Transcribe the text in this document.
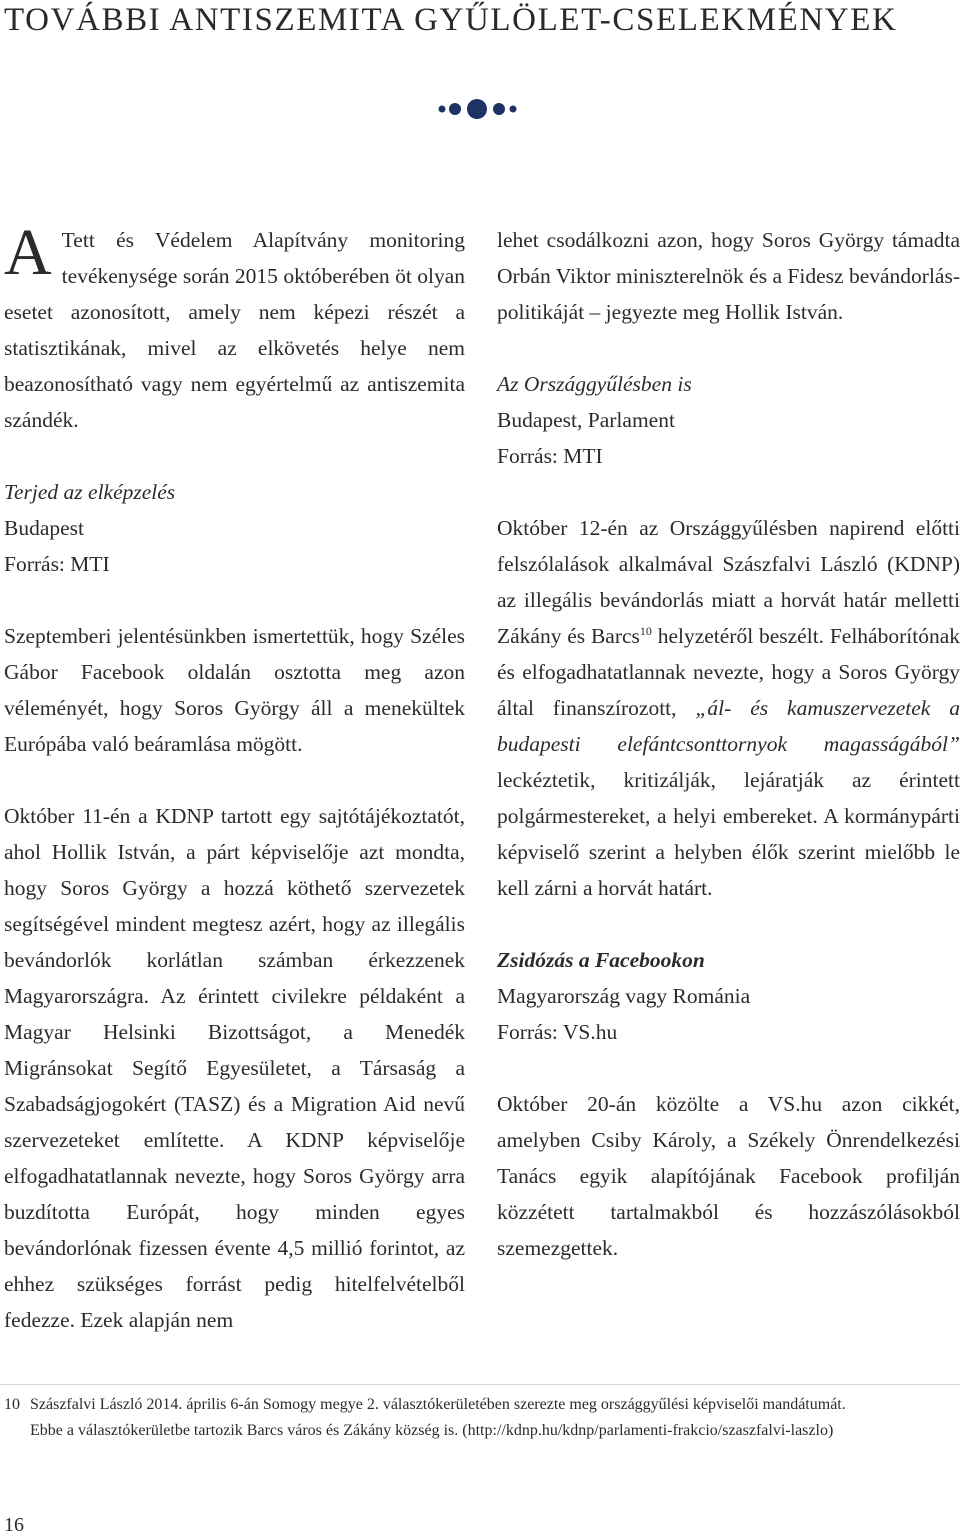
TOVÁBBI ANTISZEMITA GYŰLÖLET-CSELEKMÉNYEK

A Tett és Védelem Alapítvány monitoring tevékenysége során 2015 októberében öt olyan esetet azonosított, amely nem képezi részét a statisztikának, mivel az elkövetés helye nem beazonosítható vagy nem egyértelmű az antiszemita szándék.

Terjed az elképzelés
Budapest
Forrás: MTI

Szeptemberi jelentésünkben ismertettük, hogy Széles Gábor Facebook oldalán osztotta meg azon véleményét, hogy Soros György áll a menekültek Európába való beáramlása mögött.

Október 11-én a KDNP tartott egy sajtótájékoztatót, ahol Hollik István, a párt képviselője azt mondta, hogy Soros György a hozzá köthető szervezetek segítségével mindent megtesz azért, hogy az illegális bevándorlók korlátlan számban érkezzenek Magyarországra. Az érintett civilekre példaként a Magyar Helsinki Bizottságot, a Menedék Migránsokat Segítő Egyesületet, a Társaság a Szabadságjogokért (TASZ) és a Migration Aid nevű szervezeteket említette. A KDNP képviselője elfogadhatatlannak nevezte, hogy Soros György arra buzdította Európát, hogy minden egyes bevándorlónak fizessen évente 4,5 millió forintot, az ehhez szükséges forrást pedig hitelfelvételből fedezze. Ezek alapján nem

lehet csodálkozni azon, hogy Soros György támadta Orbán Viktor miniszterelnök és a Fidesz bevándorlás-politikáját – jegyezte meg Hollik István.

Az Országgyűlésben is
Budapest, Parlament
Forrás: MTI

Október 12-én az Országgyűlésben napirend előtti felszólalások alkalmával Szászfalvi László (KDNP) az illegális bevándorlás miatt a horvát határ melletti Zákány és Barcs$^{10}$ helyzetéről beszélt. Felháborítónak és elfogadhatatlannak nevezte, hogy a Soros György által finanszírozott, „ál- és kamuszervezetek a budapesti elefántcsonttornyok magasságából” leckéztetik, kritizálják, lejáratják az érintett polgármestereket, a helyi embereket. A kormánypárti képviselő szerint a helyben élők szerint mielőbb le kell zárni a horvát határt.

Zsidózás a Facebookon
Magyarország vagy Románia
Forrás: VS.hu

Október 20-án közölte a VS.hu azon cikkét, amelyben Csiby Károly, a Székely Önrendelkezési Tanács egyik alapítójának Facebook profilján közzétett tartalmakból és hozzászólásokból szemezgettek.

10 Szászfalvi László 2014. április 6-án Somogy megye 2. választókerületében szerezte meg országgyűlési képviselői mandátumát.
Ebbe a választókerületbe tartozik Barcs város és Zákány község is. (http://kdnp.hu/kdnp/parlamenti-frakcio/szaszfalvi-laszlo)
16
